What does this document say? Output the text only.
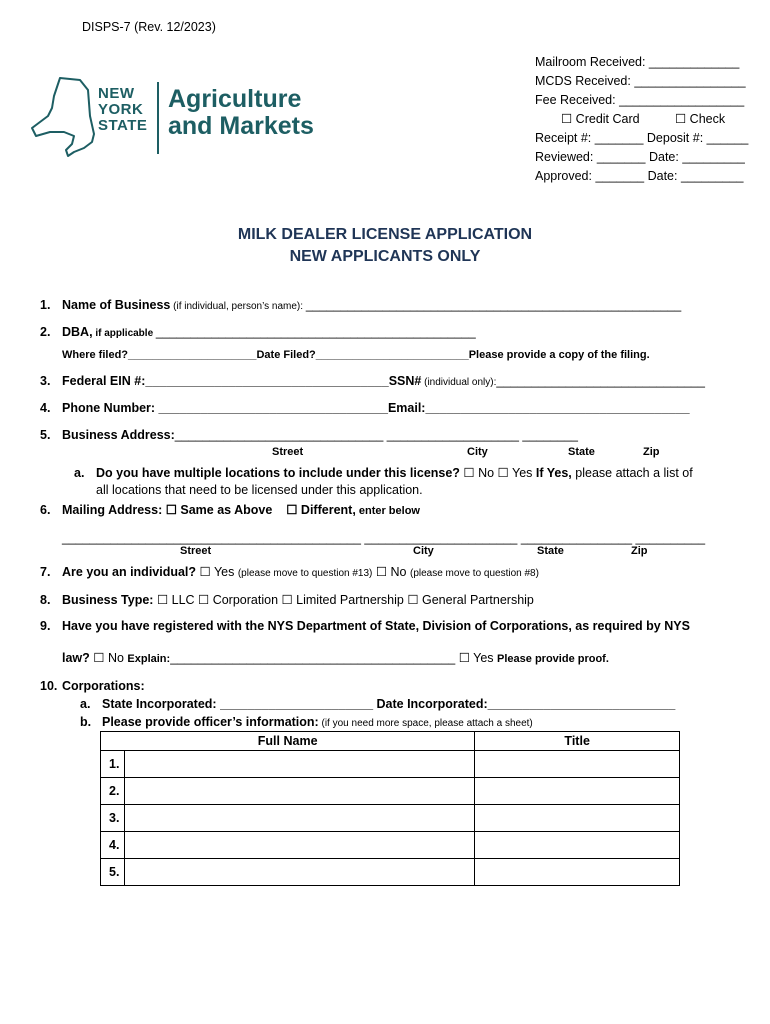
DISPS-7 (Rev. 12/2023)
NEW
YORK
STATE
Agriculture
and Markets
Mailroom Received: _____________
MCDS Received: ________________
Fee Received: __________________
☐ Credit Card	☐ Check
Receipt #: _______ Deposit #: ______
Reviewed: _______ Date: _________
Approved: _______ Date: _________
MILK DEALER LICENSE APPLICATION
NEW APPLICANTS ONLY
1. Name of Business (if individual, person’s name): ______________________________________________________
2. DBA, if applicable ______________________________________________
Where filed?_____________________Date Filed?_________________________Please provide a copy of the filing.
3. Federal EIN #:___________________________________SSN# (individual only):______________________________
4. Phone Number: _________________________________Email:______________________________________
5. Business Address:______________________________ ___________________ ________
Street	City	State	Zip
a. Do you have multiple locations to include under this license? ☐ No ☐ Yes If Yes, please attach a list of
all locations that need to be licensed under this application.
6. Mailing Address: ☐ Same as Above ☐ Different, enter below
___________________________________________ ______________________ ________________ __________
Street	City	State	Zip
7. Are you an individual? ☐ Yes (please move to question #13) ☐ No (please move to question #8)
8. Business Type: ☐ LLC ☐ Corporation ☐ Limited Partnership ☐ General Partnership
9. Have you have registered with the NYS Department of State, Division of Corporations, as required by NYS
law? ☐ No Explain:_________________________________________ ☐ Yes Please provide proof.
10. Corporations:
a. State Incorporated: ______________________ Date Incorporated:___________________________
b. Please provide officer’s information: (if you need more space, please attach a sheet)
Full Name		Title
1.		
2.		
3.		
4.		
5.		
